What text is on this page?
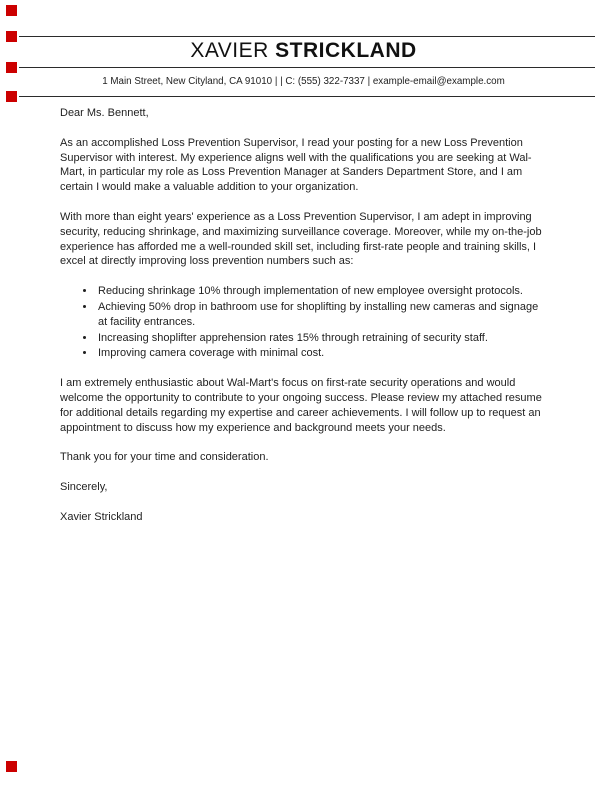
XAVIER STRICKLAND
1 Main Street, New Cityland, CA 91010 | | C: (555) 322-7337 | example-email@example.com

Dear Ms. Bennett,

As an accomplished Loss Prevention Supervisor, I read your posting for a new Loss Prevention Supervisor with interest. My experience aligns well with the qualifications you are seeking at Wal-Mart, in particular my role as Loss Prevention Manager at Sanders Department Store, and I am certain I would make a valuable addition to your organization.

With more than eight years' experience as a Loss Prevention Supervisor, I am adept in improving security, reducing shrinkage, and maximizing surveillance coverage. Moreover, while my on-the-job experience has afforded me a well-rounded skill set, including first-rate people and training skills, I excel at directly improving loss prevention numbers such as:

• Reducing shrinkage 10% through implementation of new employee oversight protocols.
• Achieving 50% drop in bathroom use for shoplifting by installing new cameras and signage at facility entrances.
• Increasing shoplifter apprehension rates 15% through retraining of security staff.
• Improving camera coverage with minimal cost.

I am extremely enthusiastic about Wal-Mart's focus on first-rate security operations and would welcome the opportunity to contribute to your ongoing success. Please review my attached resume for additional details regarding my expertise and career achievements. I will follow up to request an appointment to discuss how my experience and background meets your needs.

Thank you for your time and consideration.

Sincerely,

Xavier Strickland
